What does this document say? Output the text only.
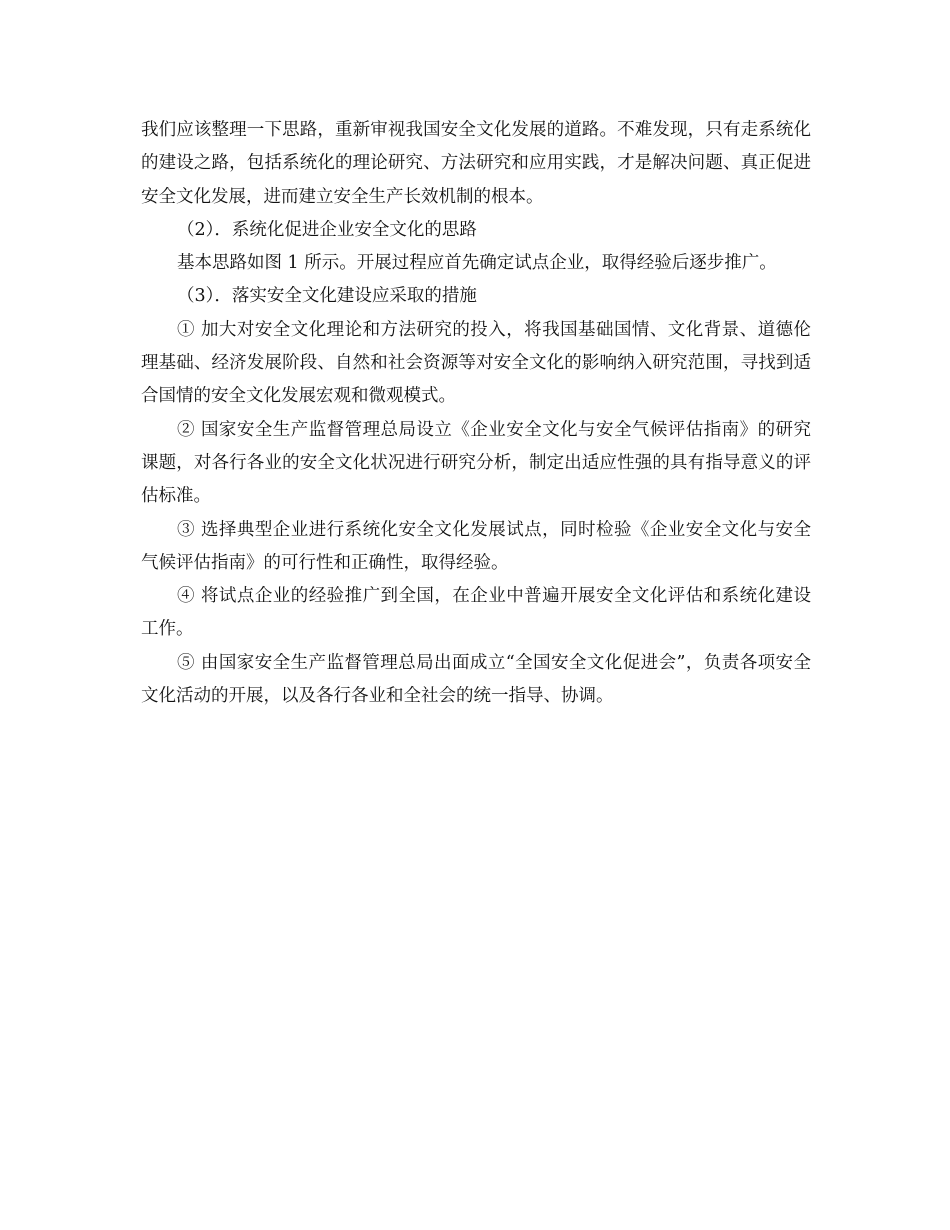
我们应该整理一下思路，重新审视我国安全文化发展的道路。不难发现，只有走系统化的建设之路，包括系统化的理论研究、方法研究和应用实践，才是解决问题、真正促进安全文化发展，进而建立安全生产长效机制的根本。

（2）．系统化促进企业安全文化的思路

基本思路如图 1 所示。开展过程应首先确定试点企业，取得经验后逐步推广。

（3）．落实安全文化建设应采取的措施

① 加大对安全文化理论和方法研究的投入，将我国基础国情、文化背景、道德伦理基础、经济发展阶段、自然和社会资源等对安全文化的影响纳入研究范围，寻找到适合国情的安全文化发展宏观和微观模式。

② 国家安全生产监督管理总局设立《企业安全文化与安全气候评估指南》的研究课题，对各行各业的安全文化状况进行研究分析，制定出适应性强的具有指导意义的评估标准。

③ 选择典型企业进行系统化安全文化发展试点，同时检验《企业安全文化与安全气候评估指南》的可行性和正确性，取得经验。

④ 将试点企业的经验推广到全国，在企业中普遍开展安全文化评估和系统化建设工作。

⑤ 由国家安全生产监督管理总局出面成立“全国安全文化促进会”，负责各项安全文化活动的开展，以及各行各业和全社会的统一指导、协调。
